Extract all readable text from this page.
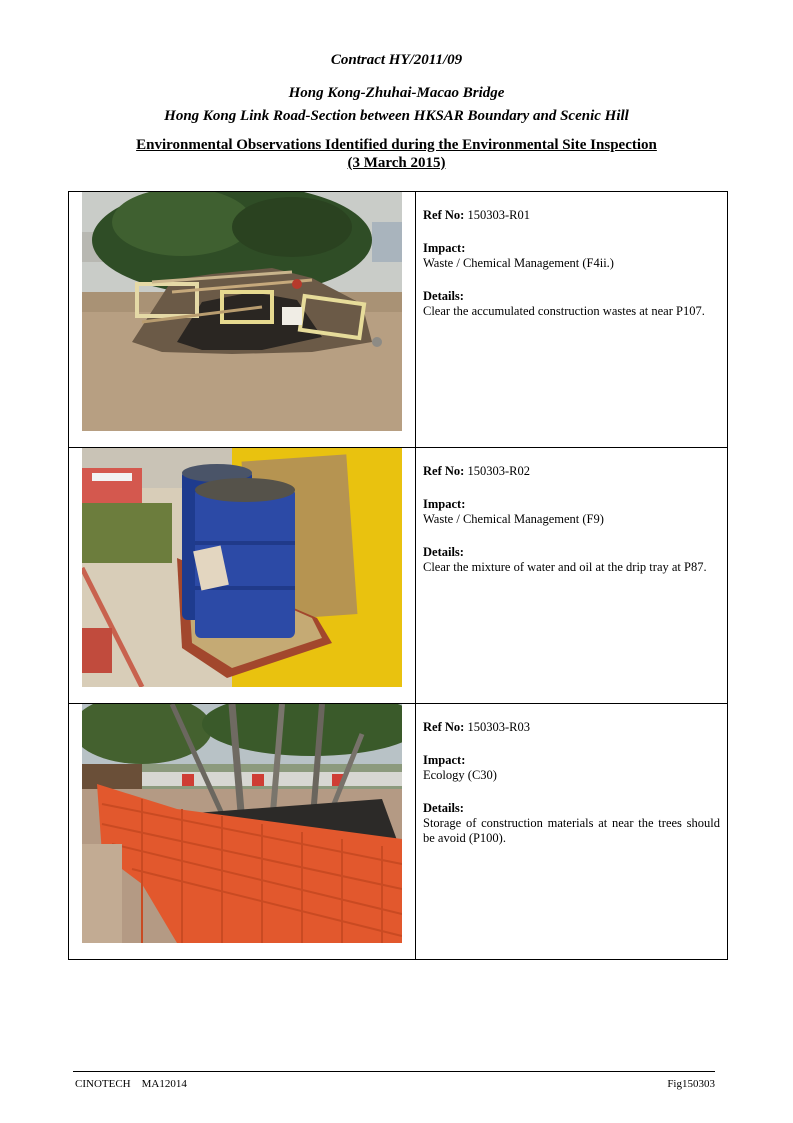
Contract HY/2011/09
Hong Kong-Zhuhai-Macao Bridge
Hong Kong Link Road-Section between HKSAR Boundary and Scenic Hill
Environmental Observations Identified during the Environmental Site Inspection
(3 March 2015)

Ref No: 150303-R01
Impact:
Waste / Chemical Management (F4ii.)
Details:
Clear the accumulated construction wastes at near P107.

Ref No: 150303-R02
Impact:
Waste / Chemical Management (F9)
Details:
Clear the mixture of water and oil at the drip tray at P87.

Ref No: 150303-R03
Impact:
Ecology (C30)
Details:
Storage of construction materials at near the trees should be avoid (P100).
CINOTECH    MA12014	Fig150303
